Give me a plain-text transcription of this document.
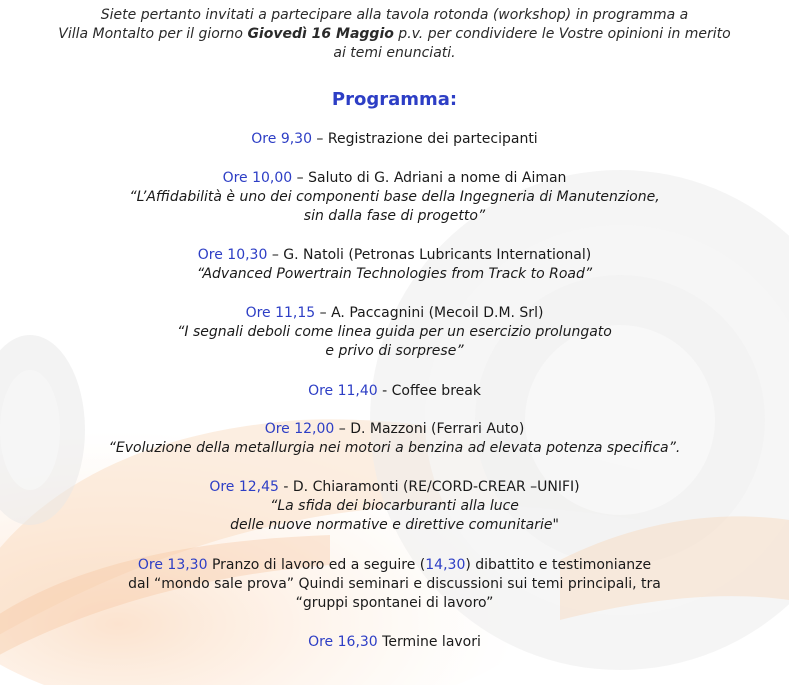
Siete pertanto invitati a partecipare alla tavola rotonda (workshop) in programma a
Villa Montalto per il giorno Giovedì 16 Maggio p.v. per condividere le Vostre opinioni in merito
ai temi enunciati.
Programma:
Ore 9,30 – Registrazione dei partecipanti
Ore 10,00 – Saluto di G. Adriani a nome di Aiman
“L’Affidabilità è uno dei componenti base della Ingegneria di Manutenzione,
sin dalla fase di progetto”
Ore 10,30 – G. Natoli (Petronas Lubricants International)
“Advanced Powertrain Technologies from Track to Road”
Ore 11,15 – A. Paccagnini (Mecoil D.M. Srl)
“I segnali deboli come linea guida per un esercizio prolungato
e privo di sorprese”
Ore 11,40 - Coffee break
Ore 12,00 – D. Mazzoni (Ferrari Auto)
“Evoluzione della metallurgia nei motori a benzina ad elevata potenza specifica”.
Ore 12,45 - D. Chiaramonti (RE/CORD-CREAR –UNIFI)
“La sfida dei biocarburanti alla luce
delle nuove normative e direttive comunitarie"
Ore 13,30 Pranzo di lavoro ed a seguire (14,30) dibattito e testimonianze
dal “mondo sale prova” Quindi seminari e discussioni sui temi principali, tra
“gruppi spontanei di lavoro”
Ore 16,30 Termine lavori
